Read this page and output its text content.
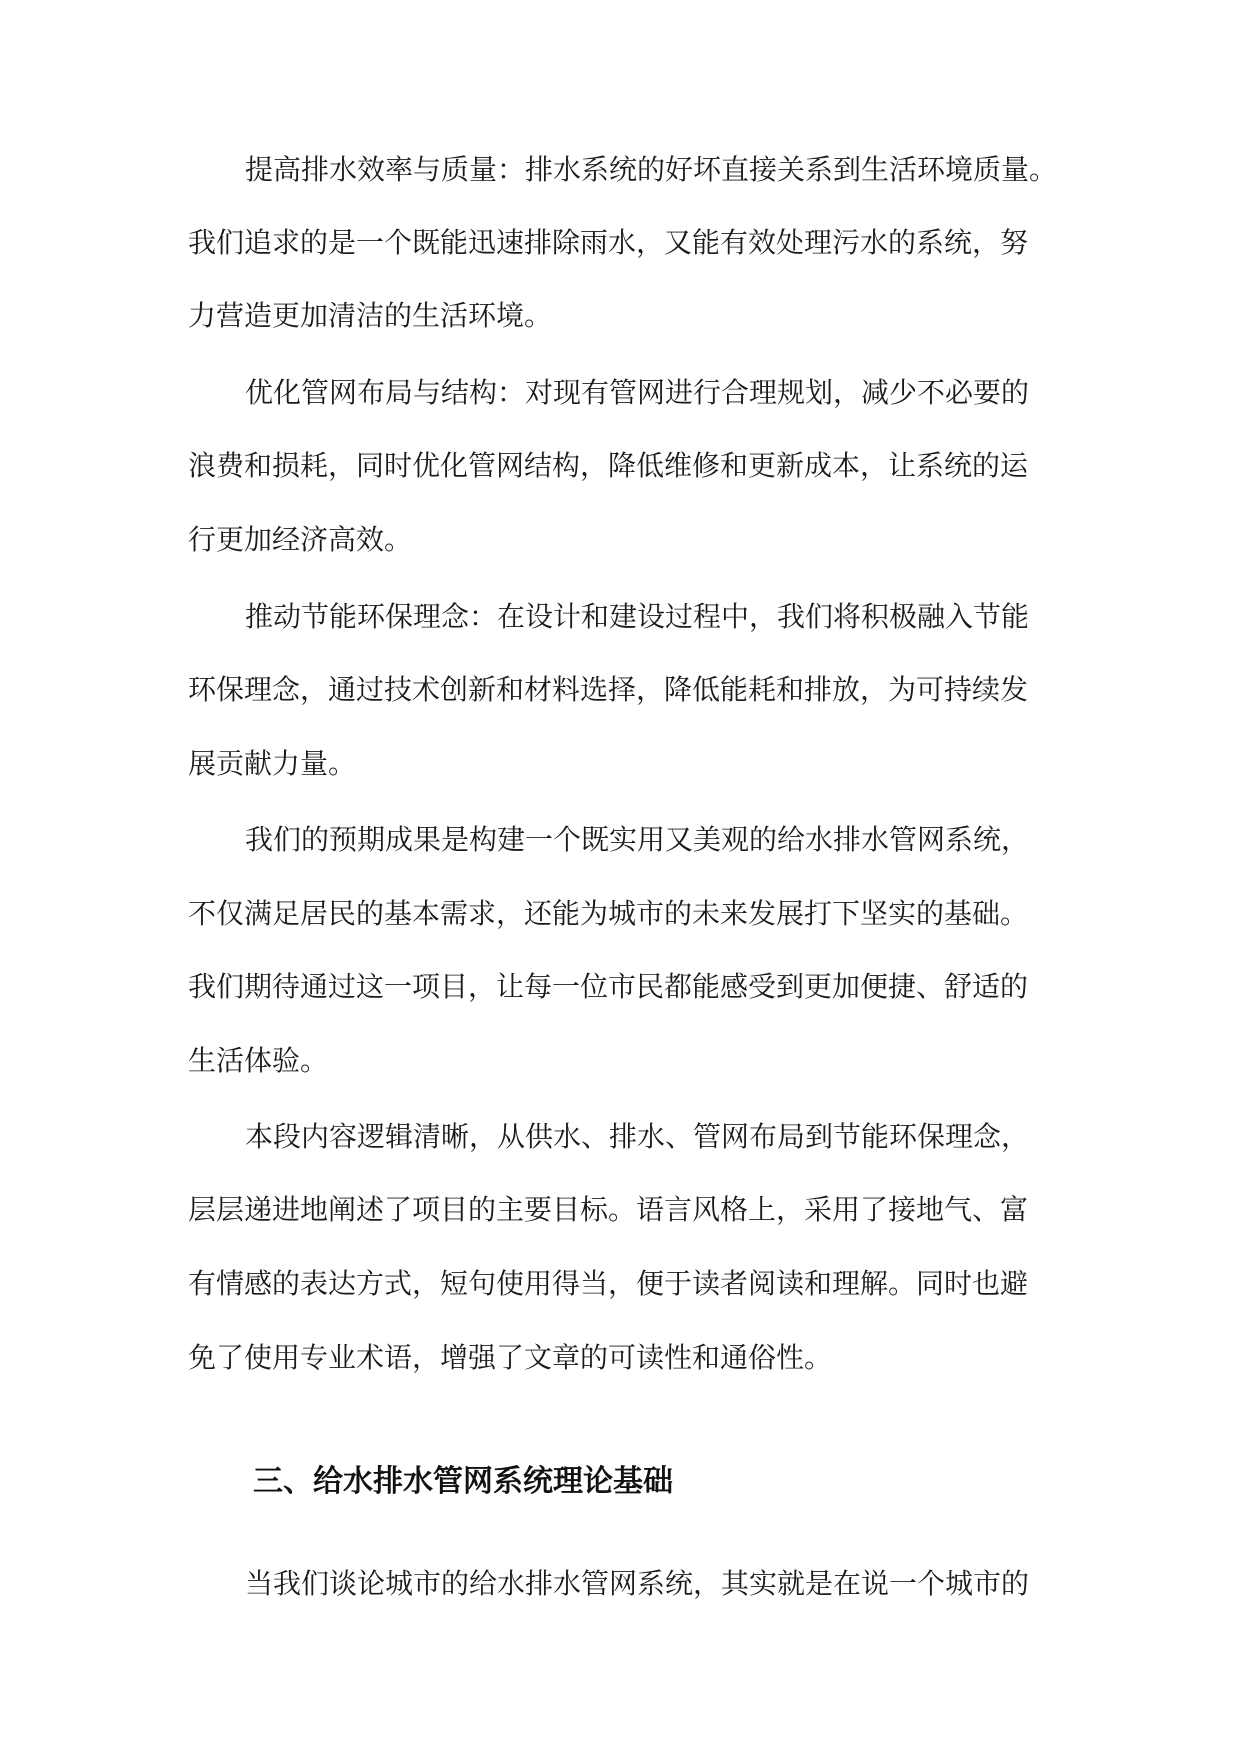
提高排水效率与质量：排水系统的好坏直接关系到生活环境质量。
我们追求的是一个既能迅速排除雨水，又能有效处理污水的系统，努
力营造更加清洁的生活环境。
优化管网布局与结构：对现有管网进行合理规划，减少不必要的
浪费和损耗，同时优化管网结构，降低维修和更新成本，让系统的运
行更加经济高效。
推动节能环保理念：在设计和建设过程中，我们将积极融入节能
环保理念，通过技术创新和材料选择，降低能耗和排放，为可持续发
展贡献力量。
我们的预期成果是构建一个既实用又美观的给水排水管网系统，
不仅满足居民的基本需求，还能为城市的未来发展打下坚实的基础。
我们期待通过这一项目，让每一位市民都能感受到更加便捷、舒适的
生活体验。
本段内容逻辑清晰，从供水、排水、管网布局到节能环保理念，
层层递进地阐述了项目的主要目标。语言风格上，采用了接地气、富
有情感的表达方式，短句使用得当，便于读者阅读和理解。同时也避
免了使用专业术语，增强了文章的可读性和通俗性。
三、给水排水管网系统理论基础
当我们谈论城市的给水排水管网系统，其实就是在说一个城市的
